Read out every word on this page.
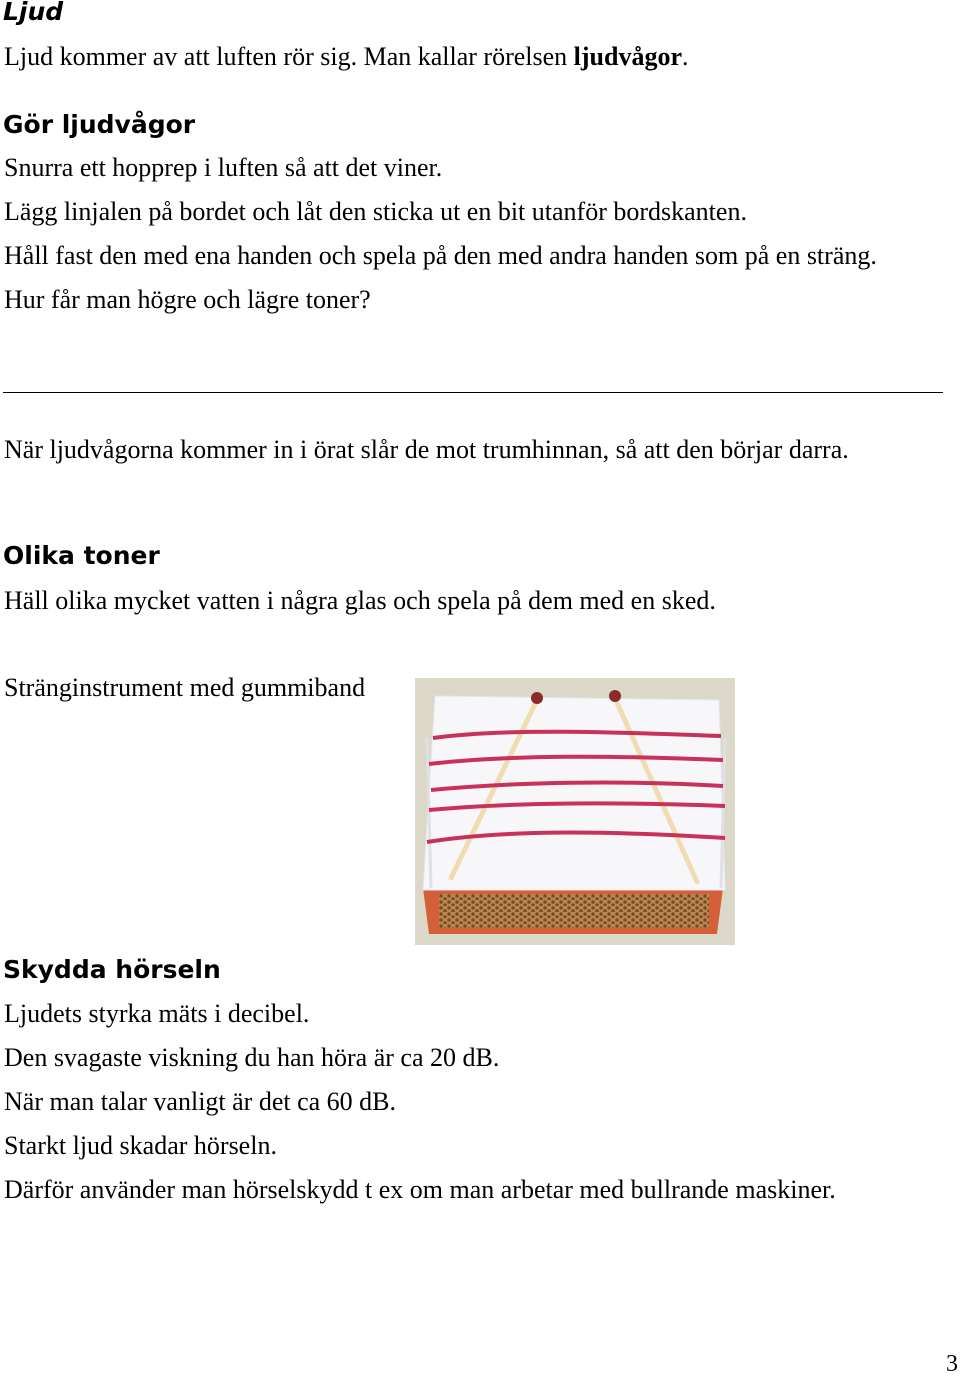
Ljud
Ljud kommer av att luften rör sig. Man kallar rörelsen ljudvågor.
Gör ljudvågor
Snurra ett hopprep i luften så att det viner.
Lägg linjalen på bordet och låt den sticka ut en bit utanför bordskanten.
Håll fast den med ena handen och spela på den med andra handen som på en sträng.
Hur får man högre och lägre toner?
När ljudvågorna kommer in i örat slår de mot trumhinnan, så att den börjar darra.
Olika toner
Häll olika mycket vatten i några glas och spela på dem med en sked.
Stränginstrument med gummiband
Skydda hörseln
Ljudets styrka mäts i decibel.
Den svagaste viskning du han höra är ca 20 dB.
När man talar vanligt är det ca 60 dB.
Starkt ljud skadar hörseln.
Därför använder man hörselskydd t ex om man arbetar med bullrande maskiner.
3
